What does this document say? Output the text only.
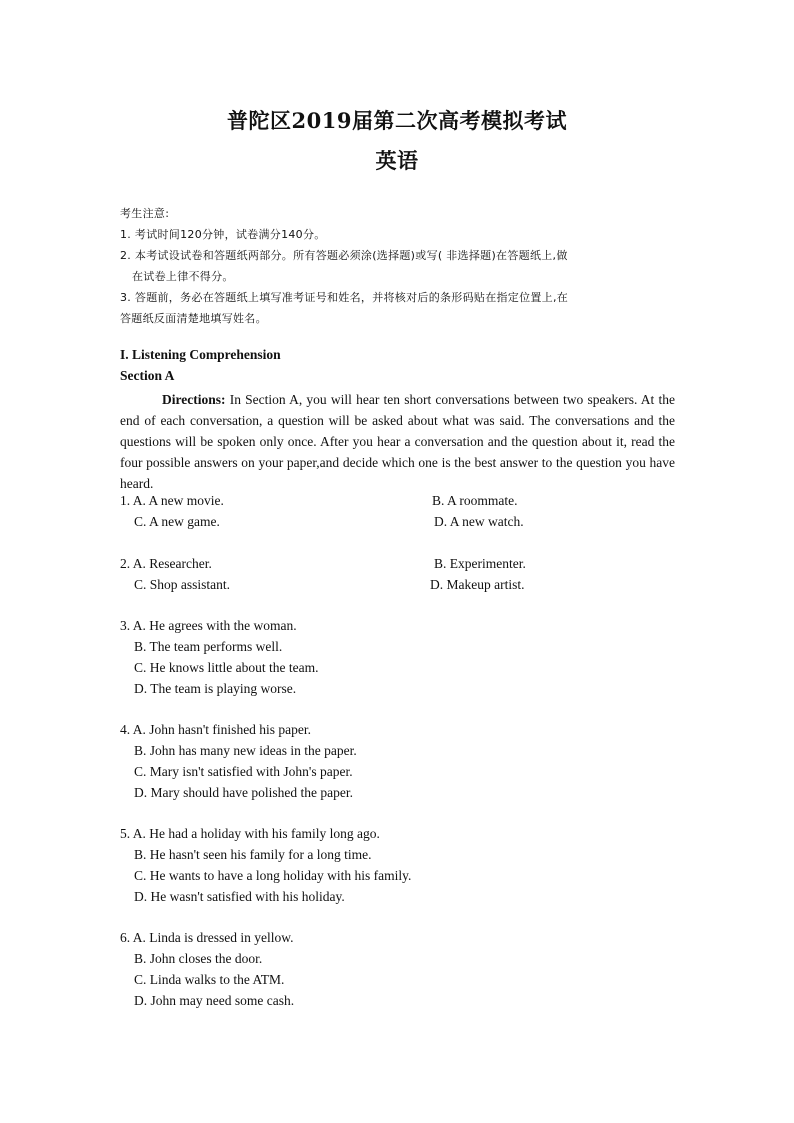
普陀区2019届第二次高考模拟考试
英语
考生注意:
1. 考试时间120分钟，试卷满分140分。
2. 本考试设试卷和答题纸两部分。所有答题必须涂(选择题)或写( 非选择题)在答题纸上,做
在试卷上律不得分。
3. 答题前，务必在答题纸上填写准考证号和姓名，并将核对后的条形码贴在指定位置上,在
答题纸反面清楚地填写姓名。
I. Listening Comprehension
Section A
Directions: In Section A, you will hear ten short conversations between two speakers. At the end of each conversation, a question will be asked about what was said. The conversations and the questions will be spoken only once. After you hear a conversation and the question about it, read the four possible answers on your paper,and decide which one is the best answer to the question you have heard.
1. A. A new movie.	B. A roommate.
C. A new game.	D. A new watch.
2. A. Researcher.	B. Experimenter.
C. Shop assistant.	D. Makeup artist.
3. A. He agrees with the woman.
B. The team performs well.
C. He knows little about the team.
D. The team is playing worse.
4. A. John hasn't finished his paper.
B. John has many new ideas in the paper.
C. Mary isn't satisfied with John's paper.
D. Mary should have polished the paper.
5. A. He had a holiday with his family long ago.
B. He hasn't seen his family for a long time.
C. He wants to have a long holiday with his family.
D. He wasn't satisfied with his holiday.
6. A. Linda is dressed in yellow.
B. John closes the door.
C. Linda walks to the ATM.
D. John may need some cash.
